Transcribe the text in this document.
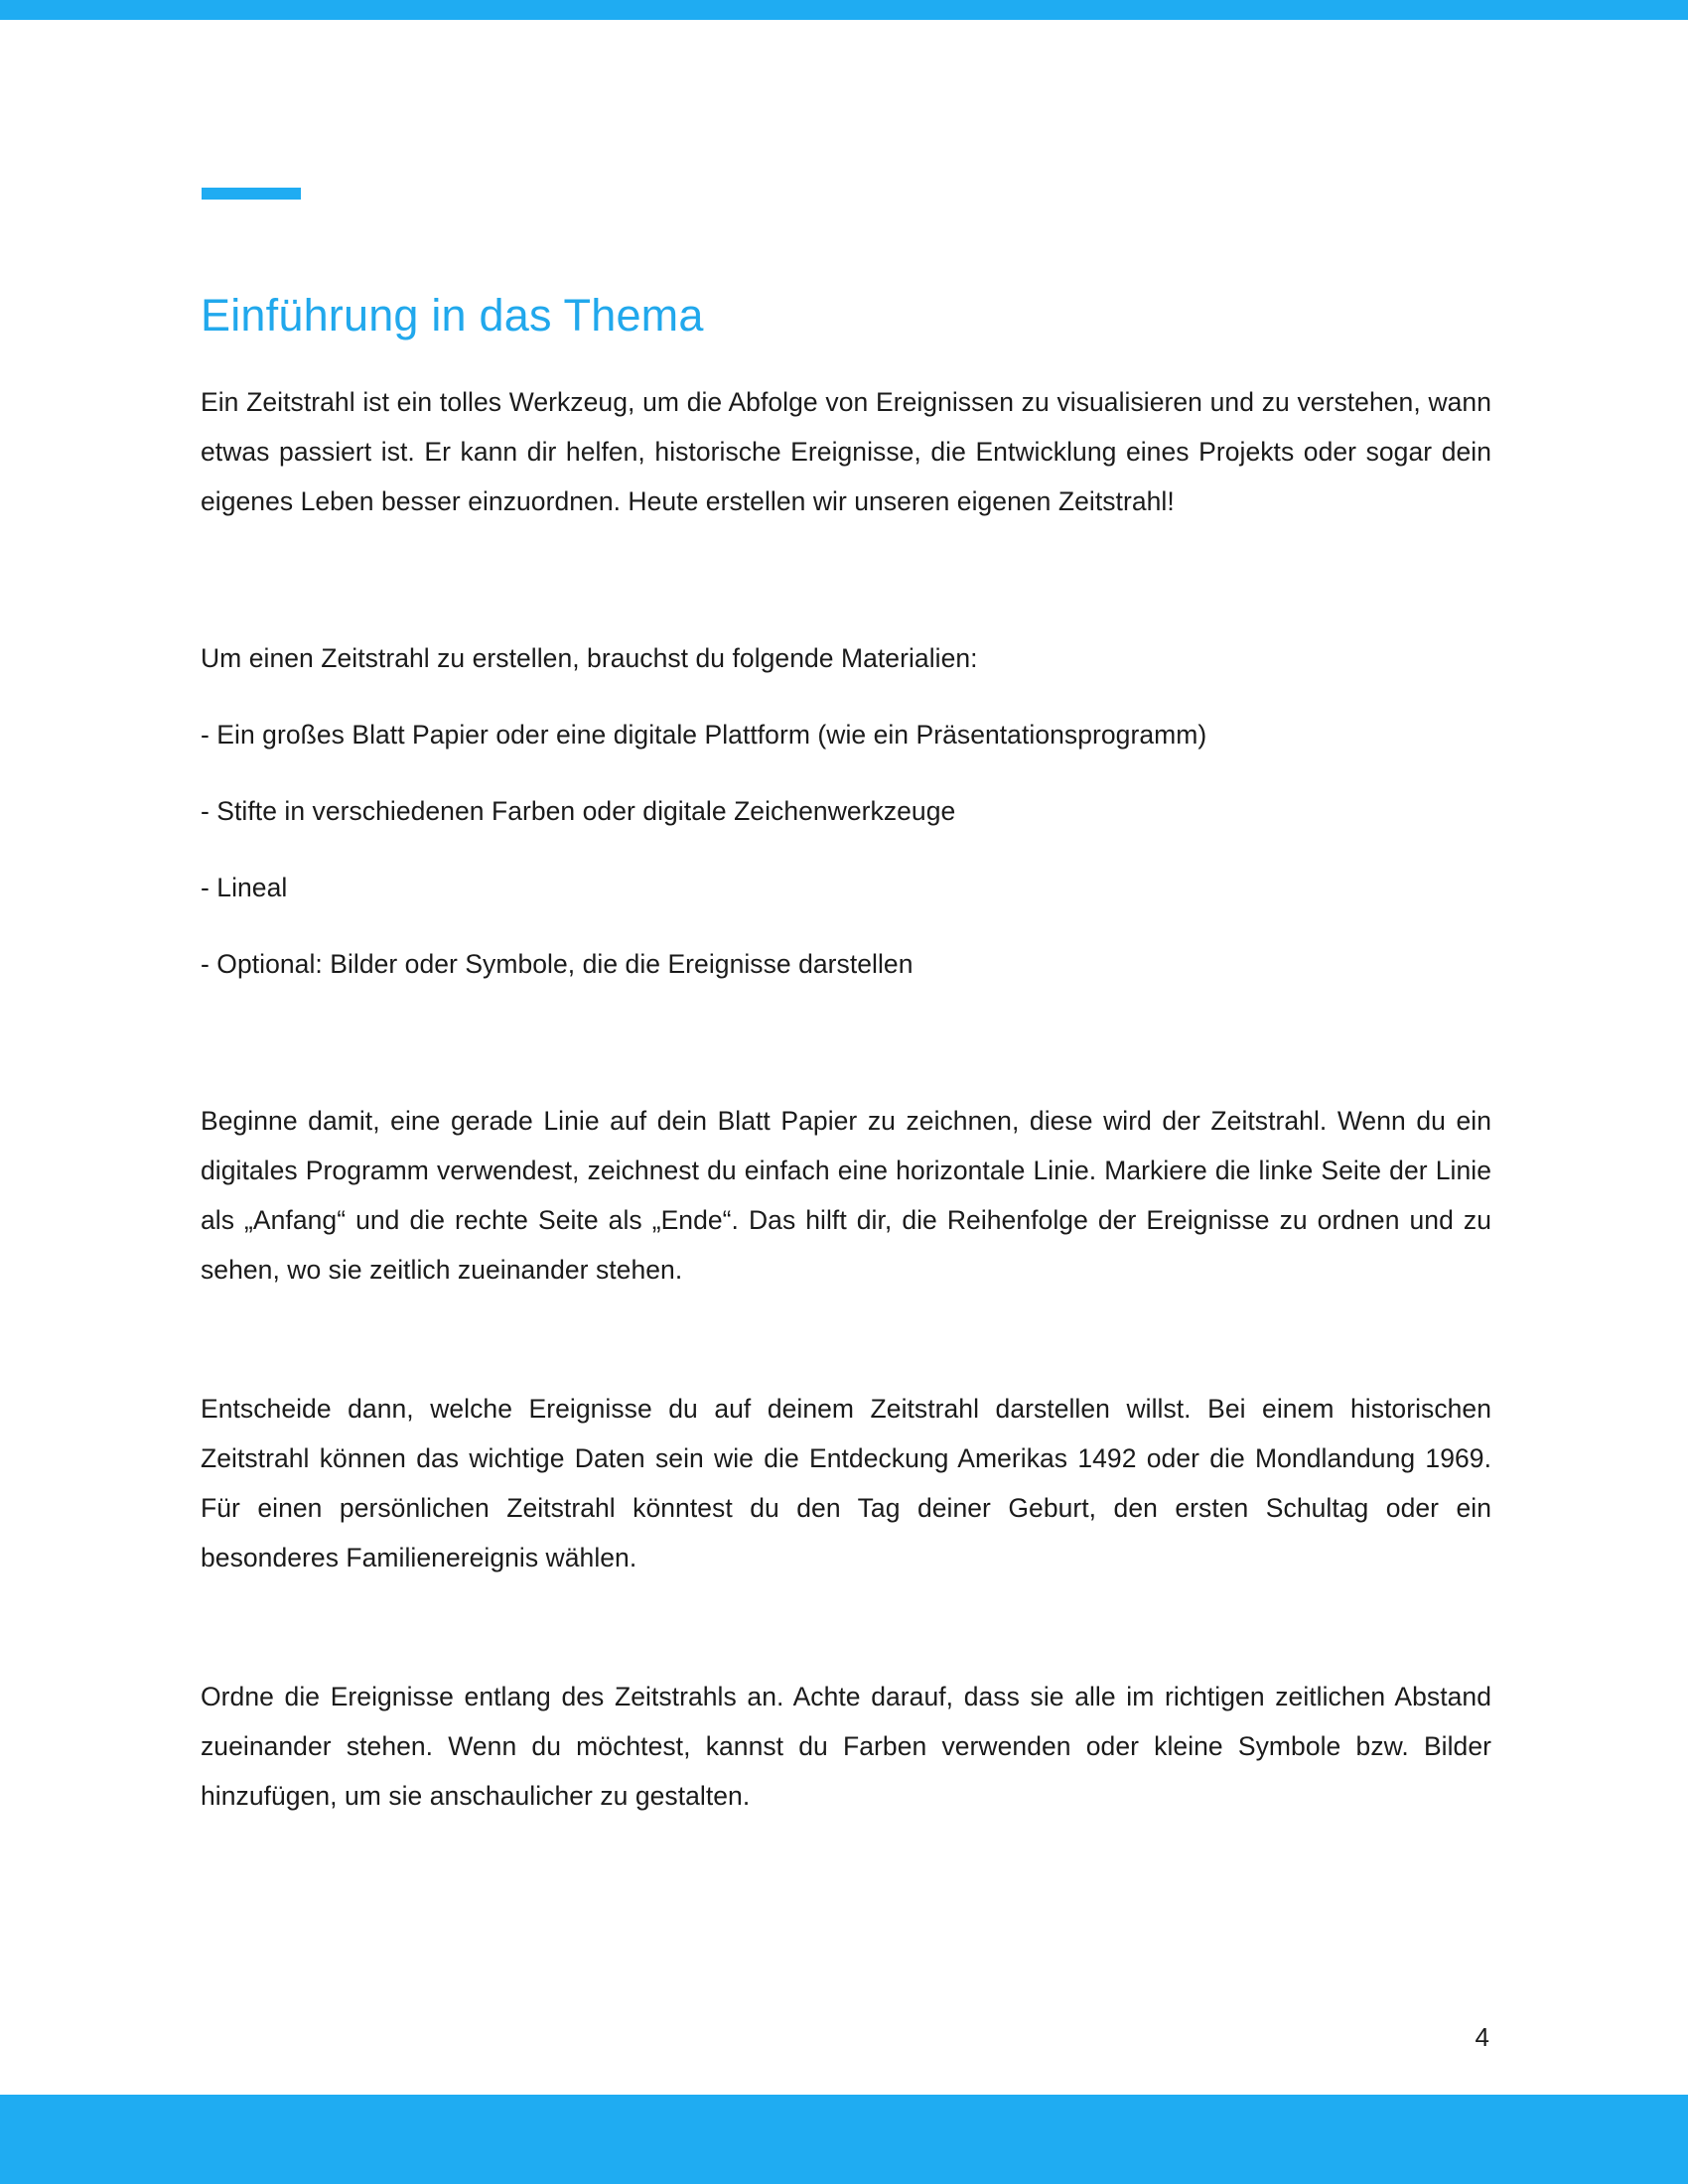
Einführung in das Thema

Ein Zeitstrahl ist ein tolles Werkzeug, um die Abfolge von Ereignissen zu visualisieren und zu verstehen, wann etwas passiert ist. Er kann dir helfen, historische Ereignisse, die Entwicklung eines Projekts oder sogar dein eigenes Leben besser einzuordnen. Heute erstellen wir unseren eigenen Zeitstrahl!

Um einen Zeitstrahl zu erstellen, brauchst du folgende Materialien:

- Ein großes Blatt Papier oder eine digitale Plattform (wie ein Präsentationsprogramm)

- Stifte in verschiedenen Farben oder digitale Zeichenwerkzeuge

- Lineal

- Optional: Bilder oder Symbole, die die Ereignisse darstellen

Beginne damit, eine gerade Linie auf dein Blatt Papier zu zeichnen, diese wird der Zeitstrahl. Wenn du ein digitales Programm verwendest, zeichnest du einfach eine horizontale Linie. Markiere die linke Seite der Linie als „Anfang“ und die rechte Seite als „Ende“. Das hilft dir, die Reihenfolge der Ereignisse zu ordnen und zu sehen, wo sie zeitlich zueinander stehen.

Entscheide dann, welche Ereignisse du auf deinem Zeitstrahl darstellen willst. Bei einem historischen Zeitstrahl können das wichtige Daten sein wie die Entdeckung Amerikas 1492 oder die Mondlandung 1969. Für einen persönlichen Zeitstrahl könntest du den Tag deiner Geburt, den ersten Schultag oder ein besonderes Familienereignis wählen.

Ordne die Ereignisse entlang des Zeitstrahls an. Achte darauf, dass sie alle im richtigen zeitlichen Abstand zueinander stehen. Wenn du möchtest, kannst du Farben verwenden oder kleine Symbole bzw. Bilder hinzufügen, um sie anschaulicher zu gestalten.

4
